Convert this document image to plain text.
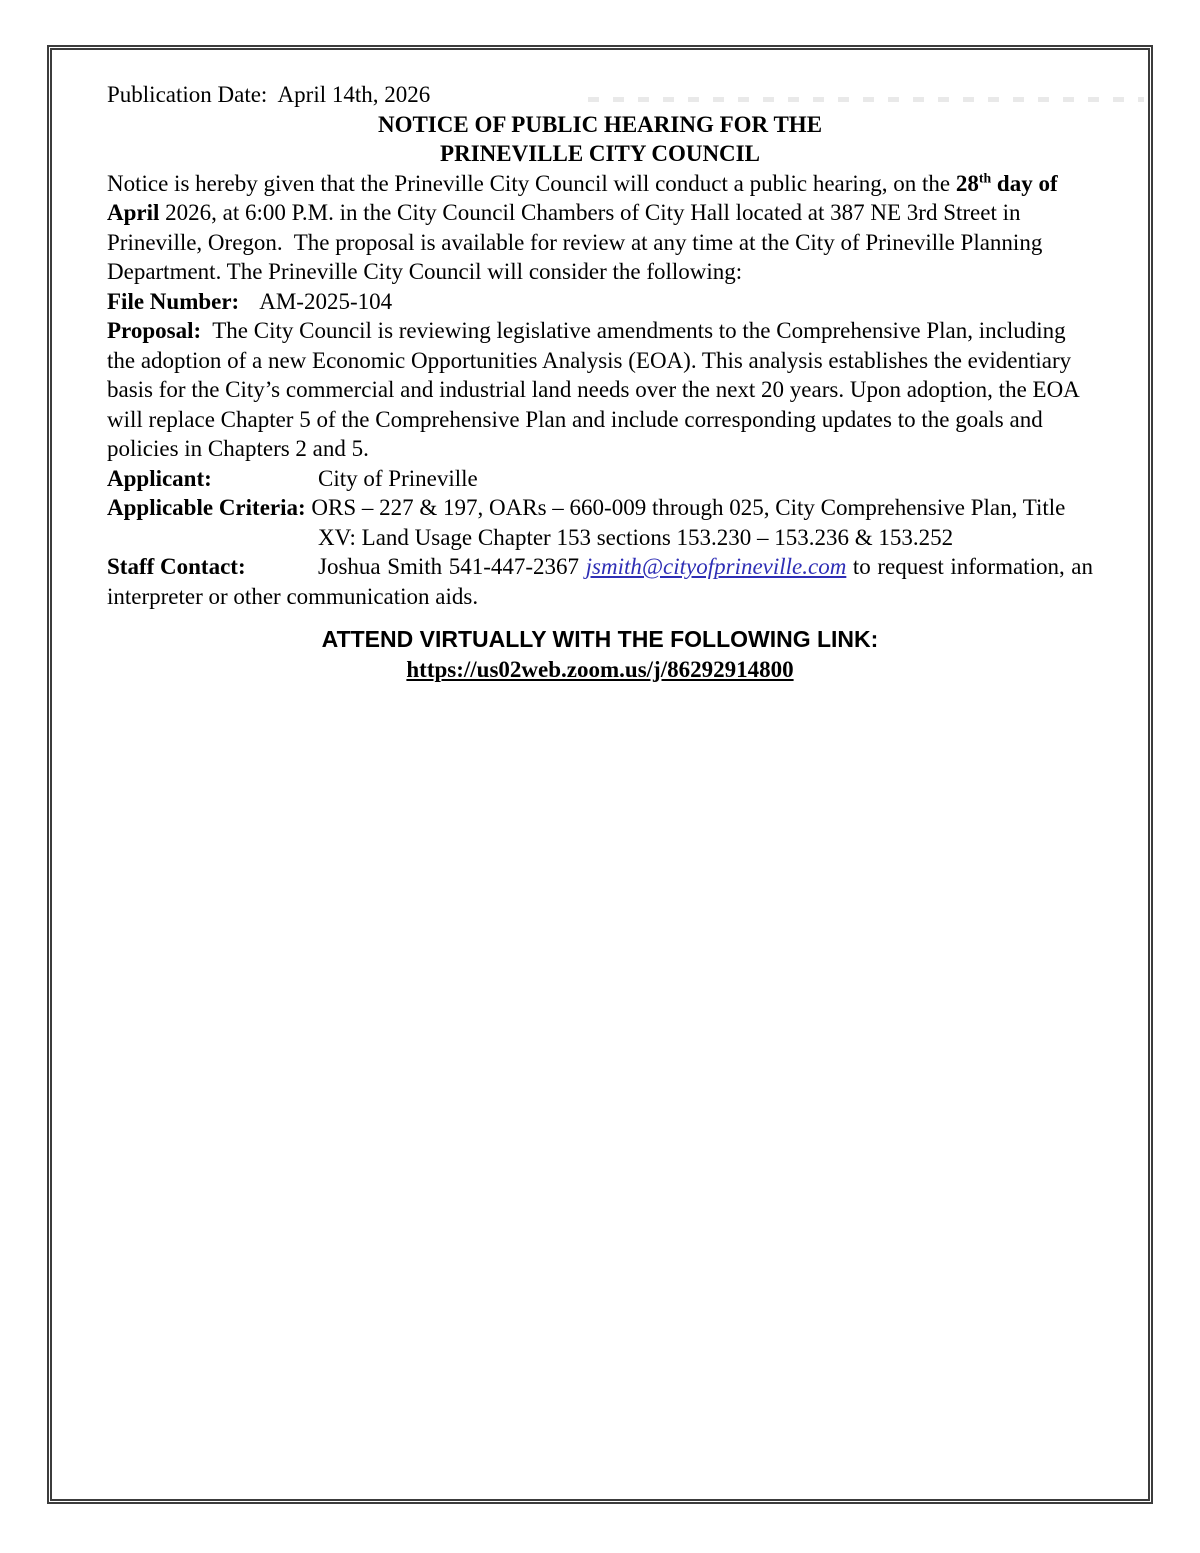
Publication Date:  April 14th, 2026

NOTICE OF PUBLIC HEARING FOR THE
PRINEVILLE CITY COUNCIL

Notice is hereby given that the Prineville City Council will conduct a public hearing, on the 28th day of April 2026, at 6:00 P.M. in the City Council Chambers of City Hall located at 387 NE 3rd Street in Prineville, Oregon.  The proposal is available for review at any time at the City of Prineville Planning Department. The Prineville City Council will consider the following:

File Number: AM-2025-104

Proposal:  The City Council is reviewing legislative amendments to the Comprehensive Plan, including the adoption of a new Economic Opportunities Analysis (EOA). This analysis establishes the evidentiary basis for the City’s commercial and industrial land needs over the next 20 years. Upon adoption, the EOA will replace Chapter 5 of the Comprehensive Plan and include corresponding updates to the goals and policies in Chapters 2 and 5.

Applicant:	City of Prineville

Applicable Criteria: ORS – 227 & 197, OARs – 660-009 through 025, City Comprehensive Plan, Title XV: Land Usage Chapter 153 sections 153.230 – 153.236 & 153.252

Staff Contact:	Joshua Smith 541-447-2367 jsmith@cityofprineville.com to request information, an interpreter or other communication aids.

ATTEND VIRTUALLY WITH THE FOLLOWING LINK:

https://us02web.zoom.us/j/86292914800
